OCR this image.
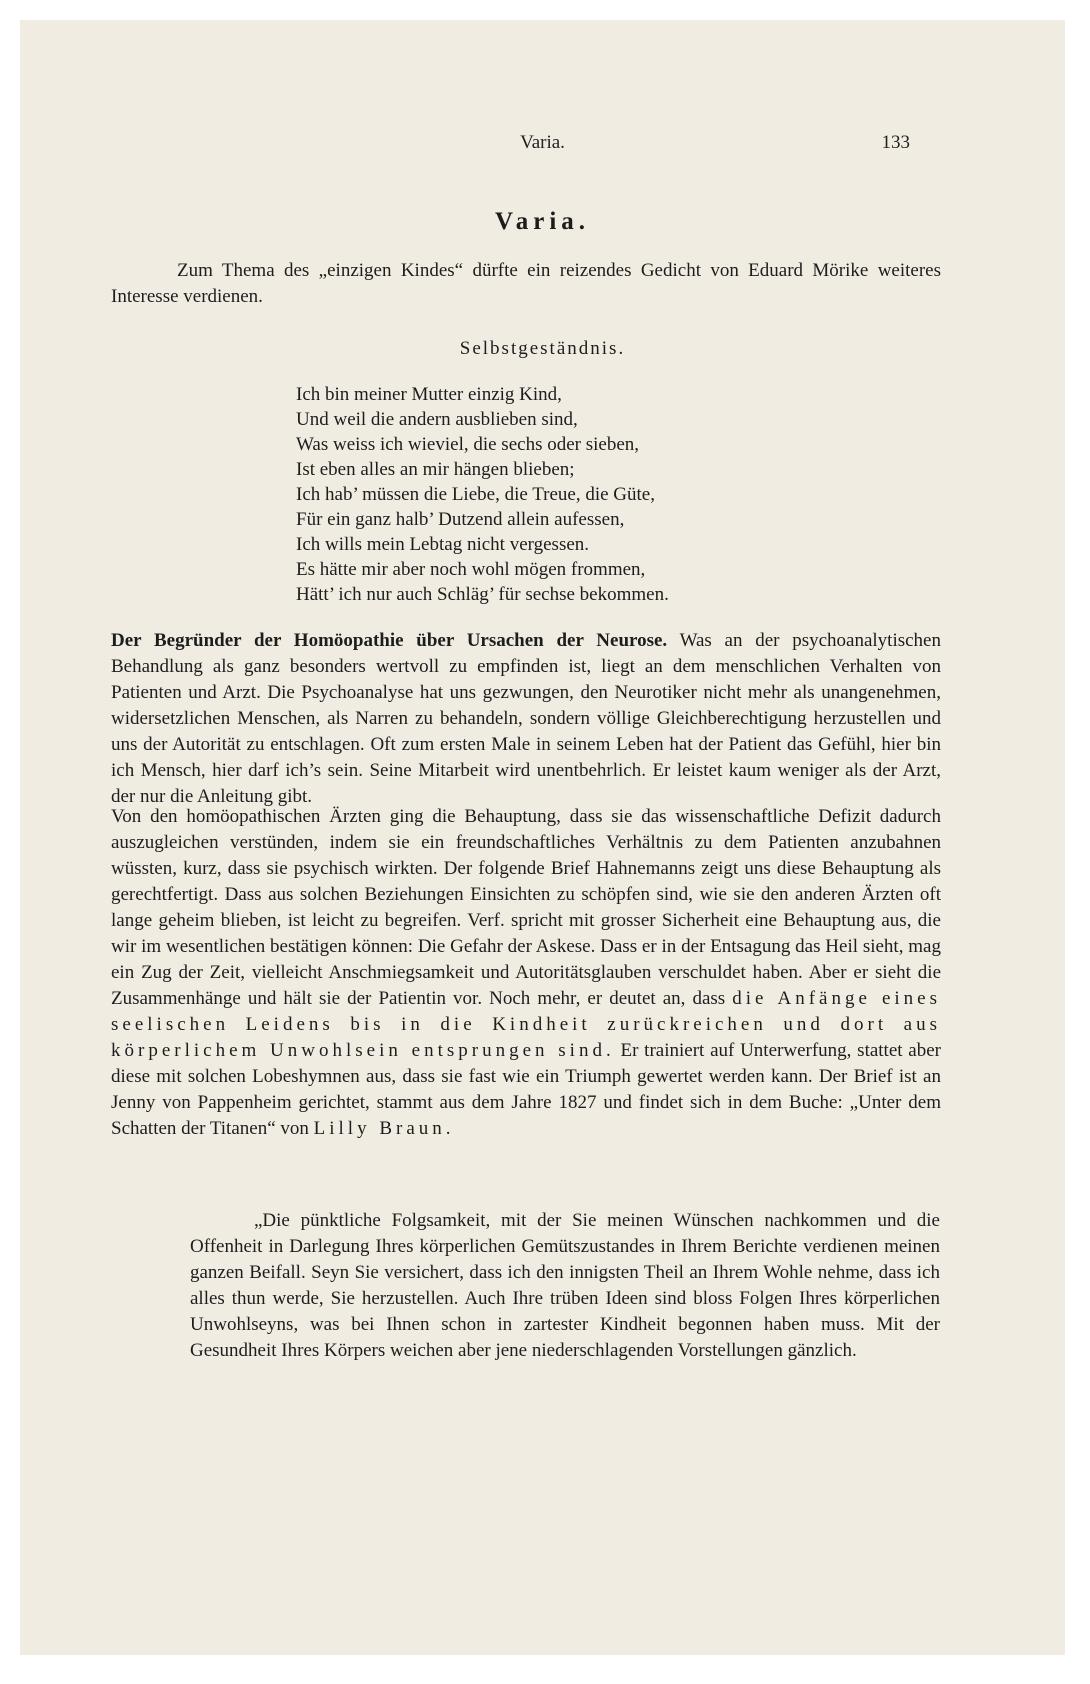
Varia.	133
Varia.
Zum Thema des „einzigen Kindes“ dürfte ein reizendes Gedicht von Eduard Mörike weiteres Interesse verdienen.
Selbstgeständnis.
Ich bin meiner Mutter einzig Kind,
Und weil die andern ausblieben sind,
Was weiss ich wieviel, die sechs oder sieben,
Ist eben alles an mir hängen blieben;
Ich hab’ müssen die Liebe, die Treue, die Güte,
Für ein ganz halb’ Dutzend allein aufessen,
Ich wills mein Lebtag nicht vergessen.
Es hätte mir aber noch wohl mögen frommen,
Hätt’ ich nur auch Schläg’ für sechse bekommen.
Der Begründer der Homöopathie über Ursachen der Neurose. Was an der psychoanalytischen Behandlung als ganz besonders wertvoll zu empfinden ist, liegt an dem menschlichen Verhalten von Patienten und Arzt. Die Psychoanalyse hat uns gezwungen, den Neurotiker nicht mehr als unangenehmen, widersetzlichen Menschen, als Narren zu behandeln, sondern völlige Gleichberechtigung herzustellen und uns der Autorität zu entschlagen. Oft zum ersten Male in seinem Leben hat der Patient das Gefühl, hier bin ich Mensch, hier darf ich’s sein. Seine Mitarbeit wird unentbehrlich. Er leistet kaum weniger als der Arzt, der nur die Anleitung gibt.
Von den homöopathischen Ärzten ging die Behauptung, dass sie das wissenschaftliche Defizit dadurch auszugleichen verstünden, indem sie ein freundschaftliches Verhältnis zu dem Patienten anzubahnen wüssten, kurz, dass sie psychisch wirkten. Der folgende Brief Hahnemanns zeigt uns diese Behauptung als gerechtfertigt. Dass aus solchen Beziehungen Einsichten zu schöpfen sind, wie sie den anderen Ärzten oft lange geheim blieben, ist leicht zu begreifen. Verf. spricht mit grosser Sicherheit eine Behauptung aus, die wir im wesentlichen bestätigen können: Die Gefahr der Askese. Dass er in der Entsagung das Heil sieht, mag ein Zug der Zeit, vielleicht Anschmiegsamkeit und Autoritätsglauben verschuldet haben. Aber er sieht die Zusammenhänge und hält sie der Patientin vor. Noch mehr, er deutet an, dass die Anfänge eines seelischen Leidens bis in die Kindheit zurückreichen und dort aus körperlichem Unwohlsein entsprungen sind. Er trainiert auf Unterwerfung, stattet aber diese mit solchen Lobeshymnen aus, dass sie fast wie ein Triumph gewertet werden kann. Der Brief ist an Jenny von Pappenheim gerichtet, stammt aus dem Jahre 1827 und findet sich in dem Buche: „Unter dem Schatten der Titanen“ von Lilly Braun.
„Die pünktliche Folgsamkeit, mit der Sie meinen Wünschen nachkommen und die Offenheit in Darlegung Ihres körperlichen Gemütszustandes in Ihrem Berichte verdienen meinen ganzen Beifall. Seyn Sie versichert, dass ich den innigsten Theil an Ihrem Wohle nehme, dass ich alles thun werde, Sie herzustellen. Auch Ihre trüben Ideen sind bloss Folgen Ihres körperlichen Unwohlseyns, was bei Ihnen schon in zartester Kindheit begonnen haben muss. Mit der Gesundheit Ihres Körpers weichen aber jene niederschlagenden Vorstellungen gänzlich.
